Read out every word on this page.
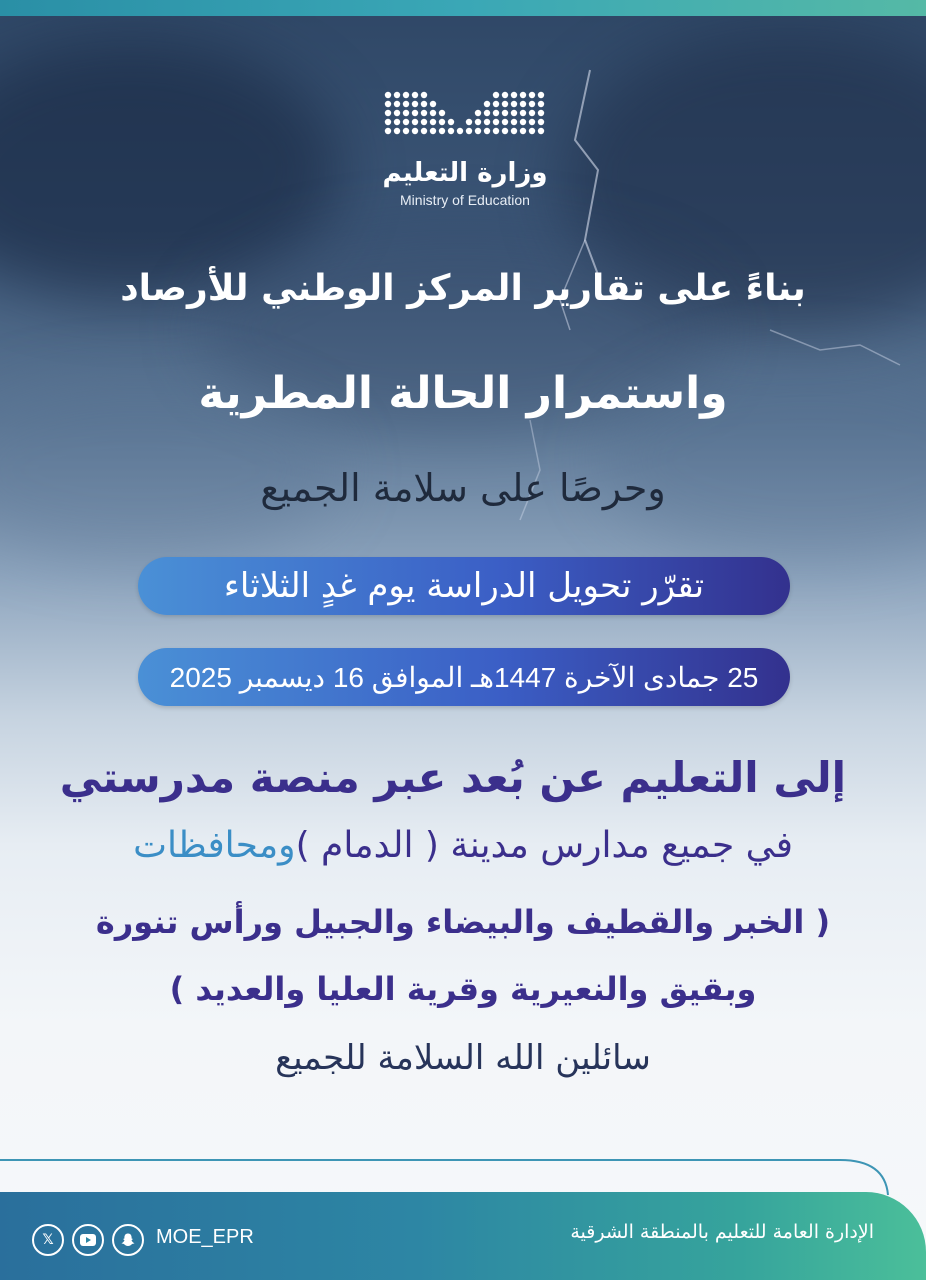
وزارة التعليم
Ministry of Education
بناءً على تقارير المركز الوطني للأرصاد
واستمرار الحالة المطرية
وحرصًا على سلامة الجميع
تقرّر تحويل الدراسة يوم غدٍ الثلاثاء
25 جمادى الآخرة 1447هـ الموافق 16 ديسمبر 2025
إلى التعليم عن بُعد عبر منصة مدرستي
في جميع مدارس مدينة ( الدمام )ومحافظات
( الخبر والقطيف والبيضاء والجبيل ورأس تنورة
وبقيق والنعيرية وقرية العليا والعديد )
سائلين الله السلامة للجميع
الإدارة العامة للتعليم بالمنطقة الشرقية
MOE_EPR
𝕏
